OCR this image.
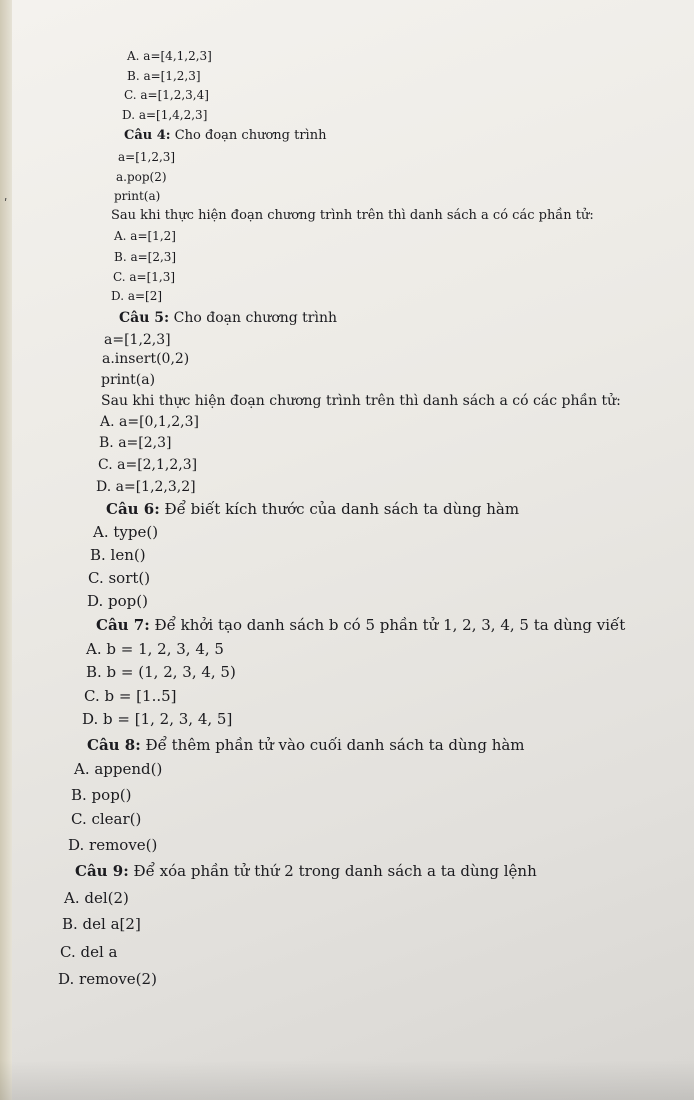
ʹ
A. a=[4,1,2,3]
B. a=[1,2,3]
C. a=[1,2,3,4]
D. a=[1,4,2,3]
Câu 4: Cho đoạn chương trình
a=[1,2,3]
a.pop(2)
print(a)
Sau khi thực hiện đoạn chương trình trên thì danh sách a có các phần tử:
A. a=[1,2]
B. a=[2,3]
C. a=[1,3]
D. a=[2]
Câu 5: Cho đoạn chương trình
a=[1,2,3]
a.insert(0,2)
print(a)
Sau khi thực hiện đoạn chương trình trên thì danh sách a có các phần tử:
A. a=[0,1,2,3]
B. a=[2,3]
C. a=[2,1,2,3]
D. a=[1,2,3,2]
Câu 6: Để biết kích thước của danh sách ta dùng hàm
A. type()
B. len()
C. sort()
D. pop()
Câu 7: Để khởi tạo danh sách b có 5 phần tử 1, 2, 3, 4, 5 ta dùng viết
A. b = 1, 2, 3, 4, 5
B. b = (1, 2, 3, 4, 5)
C. b = [1..5]
D. b = [1, 2, 3, 4, 5]
Câu 8: Để thêm phần tử vào cuối danh sách ta dùng hàm
A. append()
B. pop()
C. clear()
D. remove()
Câu 9: Để xóa phần tử thứ 2 trong danh sách a ta dùng lệnh
A. del(2)
B. del a[2]
C. del a
D. remove(2)
